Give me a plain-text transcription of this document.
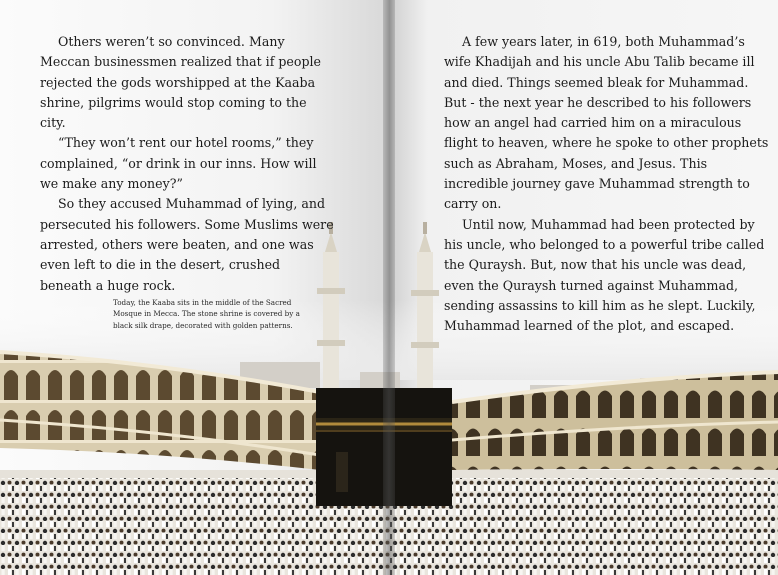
Others weren’t so convinced. Many Meccan businessmen realized that if people rejected the gods worshipped at the Kaaba shrine, pilgrims would stop coming to the city.

“They won’t rent our hotel rooms,” they complained, “or drink in our inns. How will we make any money?”

So they accused Muhammad of lying, and persecuted his followers. Some Muslims were arrested, others were beaten, and one was even left to die in the desert, crushed beneath a huge rock.

Today, the Kaaba sits in the middle of the Sacred Mosque in Mecca. The stone shrine is covered by a black silk drape, decorated with golden patterns.

A few years later, in 619, both Muhammad’s wife Khadijah and his uncle Abu Talib became ill and died. Things seemed bleak for Muhammad. But - the next year he described to his followers how an angel had carried him on a miraculous flight to heaven, where he spoke to other prophets such as Abraham, Moses, and Jesus. This incredible journey gave Muhammad strength to carry on.

Until now, Muhammad had been protected by his uncle, who belonged to a powerful tribe called the Quraysh. But, now that his uncle was dead, even the Quraysh turned against Muhammad, sending assassins to kill him as he slept. Luckily, Muhammad learned of the plot, and escaped.
